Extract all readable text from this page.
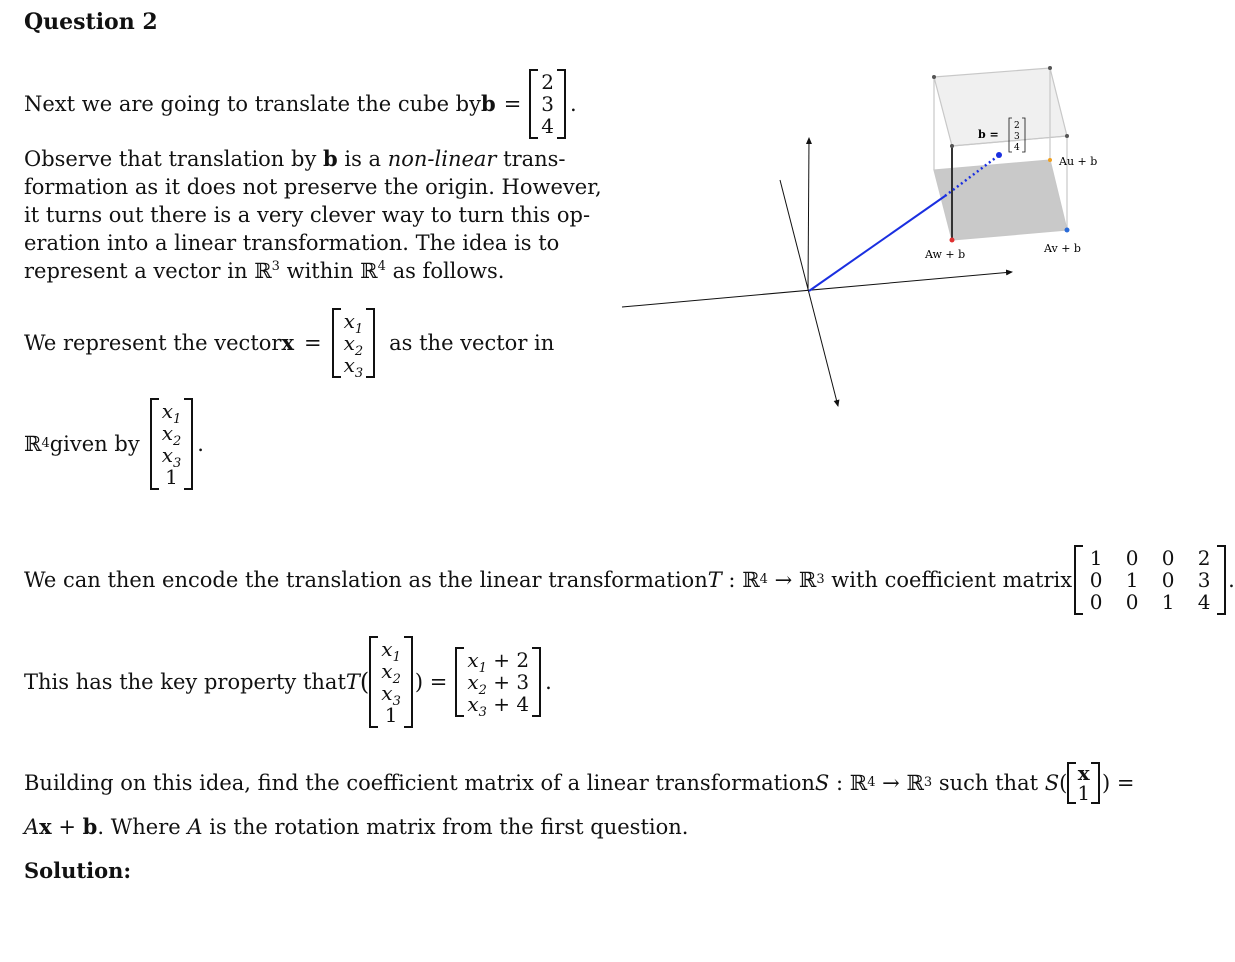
Question 2
Next we are going to translate the cube by b =
2
3
4
.
Observe that translation by b is a non-linear trans-
formation as it does not preserve the origin. However,
it turns out there is a very clever way to turn this op-
eration into a linear transformation. The idea is to
represent a vector in ℝ$^3$ within ℝ$^4$ as follows.
We represent the vector x =
$x_1$
$x_2$
$x_3$
as the vector in
ℝ 4 given by
$x_1$
$x_2$
$x_3$
1
.
We can then encode the translation as the linear transformation T : ℝ 4 → ℝ 3 with coefficient matrix
1	0	0	2
0	1	0	3
0	0	1	4
.
This has the key property that T (
$x_1$
$x_2$
$x_3$
1
) =
$x_1 + 2$
$x_2 + 3$
$x_3 + 4$
.
Building on this idea, find the coefficient matrix of a linear transformation S : ℝ 4 → ℝ 3 such that S ( x
1 ) =
Ax + b. Where A is the rotation matrix from the first question.
Solution:
b =
2
3
4
Au + b
Aw + b	Av + b
